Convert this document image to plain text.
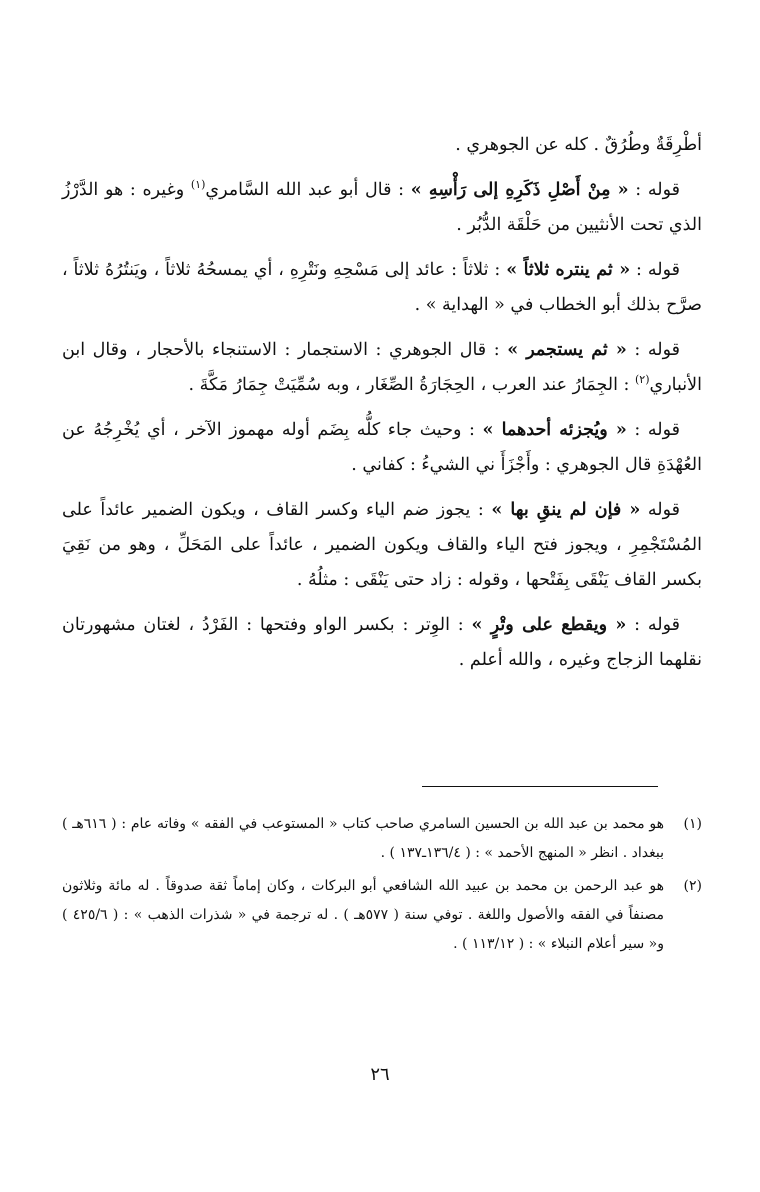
أطْرِقَةٌ وطُرُقٌ . كله عن الجوهري .

قوله : « مِنْ أَصْلِ ذَكَرِهِ إلى رَأْسِهِ » : قال أبو عبد الله السَّامري$^{(١)}$ وغيره : هو الدَّرْزُ الذي تحت الأنثيين من حَلْقَة الدُّبُر .

قوله : « ثم ينتره ثلاثاً » : ثلاثاً : عائد إلى مَسْحِهِ ونَتْرِهِ ، أي يمسحُهُ ثلاثاً ، ويَنتُرُهُ ثلاثاً ، صرَّح بذلك أبو الخطاب في « الهداية » .

قوله : « ثم يستجمر » : قال الجوهري : الاستجمار : الاستنجاء بالأحجار ، وقال ابن الأنباري$^{(٢)}$ : الجِمَارُ عند العرب ، الحِجَارَةُ الصِّغَار ، وبه سُمِّيَتْ جِمَارُ مَكَّةَ .

قوله : « ويُجزئه أحدهما » : وحيث جاء كلُّه بِضَم أوله مهموز الآخر ، أي يُخْرِجُهُ عن العُهْدَةِ قال الجوهري : وأَجْزَأَ ني الشيءُ : كفاني .

قوله « فإن لم ينقِ بها » : يجوز ضم الياء وكسر القاف ، ويكون الضمير عائداً على المُسْتَجْمِرِ ، ويجوز فتح الياء والقاف ويكون الضمير ، عائداً على المَحَلِّ ، وهو من نَقِيَ بكسر القاف يَنْقَى بِفَتْحها ، وقوله : زاد حتى يَنْقَى : مثلُهُ .

قوله : « ويقطع على وتْرٍ » : الوِتر : بكسر الواو وفتحها : الفَرْدُ ، لغتان مشهورتان نقلهما الزجاج وغيره ، والله أعلم .

(١)
هو محمد بن عبد الله بن الحسين السامري صاحب كتاب « المستوعب في الفقه » وفاته عام : ( ٦١٦هـ ) ببغداد . انظر « المنهج الأحمد » : ( ١٣٦/٤ـ١٣٧ ) .
(٢)
هو عبد الرحمن بن محمد بن عبيد الله الشافعي أبو البركات ، وكان إماماً ثقة صدوقاً . له مائة وثلاثون مصنفاً في الفقه والأصول واللغة . توفي سنة ( ٥٧٧هـ ) . له ترجمة في « شذرات الذهب » : ( ٤٢٥/٦ ) و« سير أعلام النبلاء » : ( ١١٣/١٢ ) .
٢٦
